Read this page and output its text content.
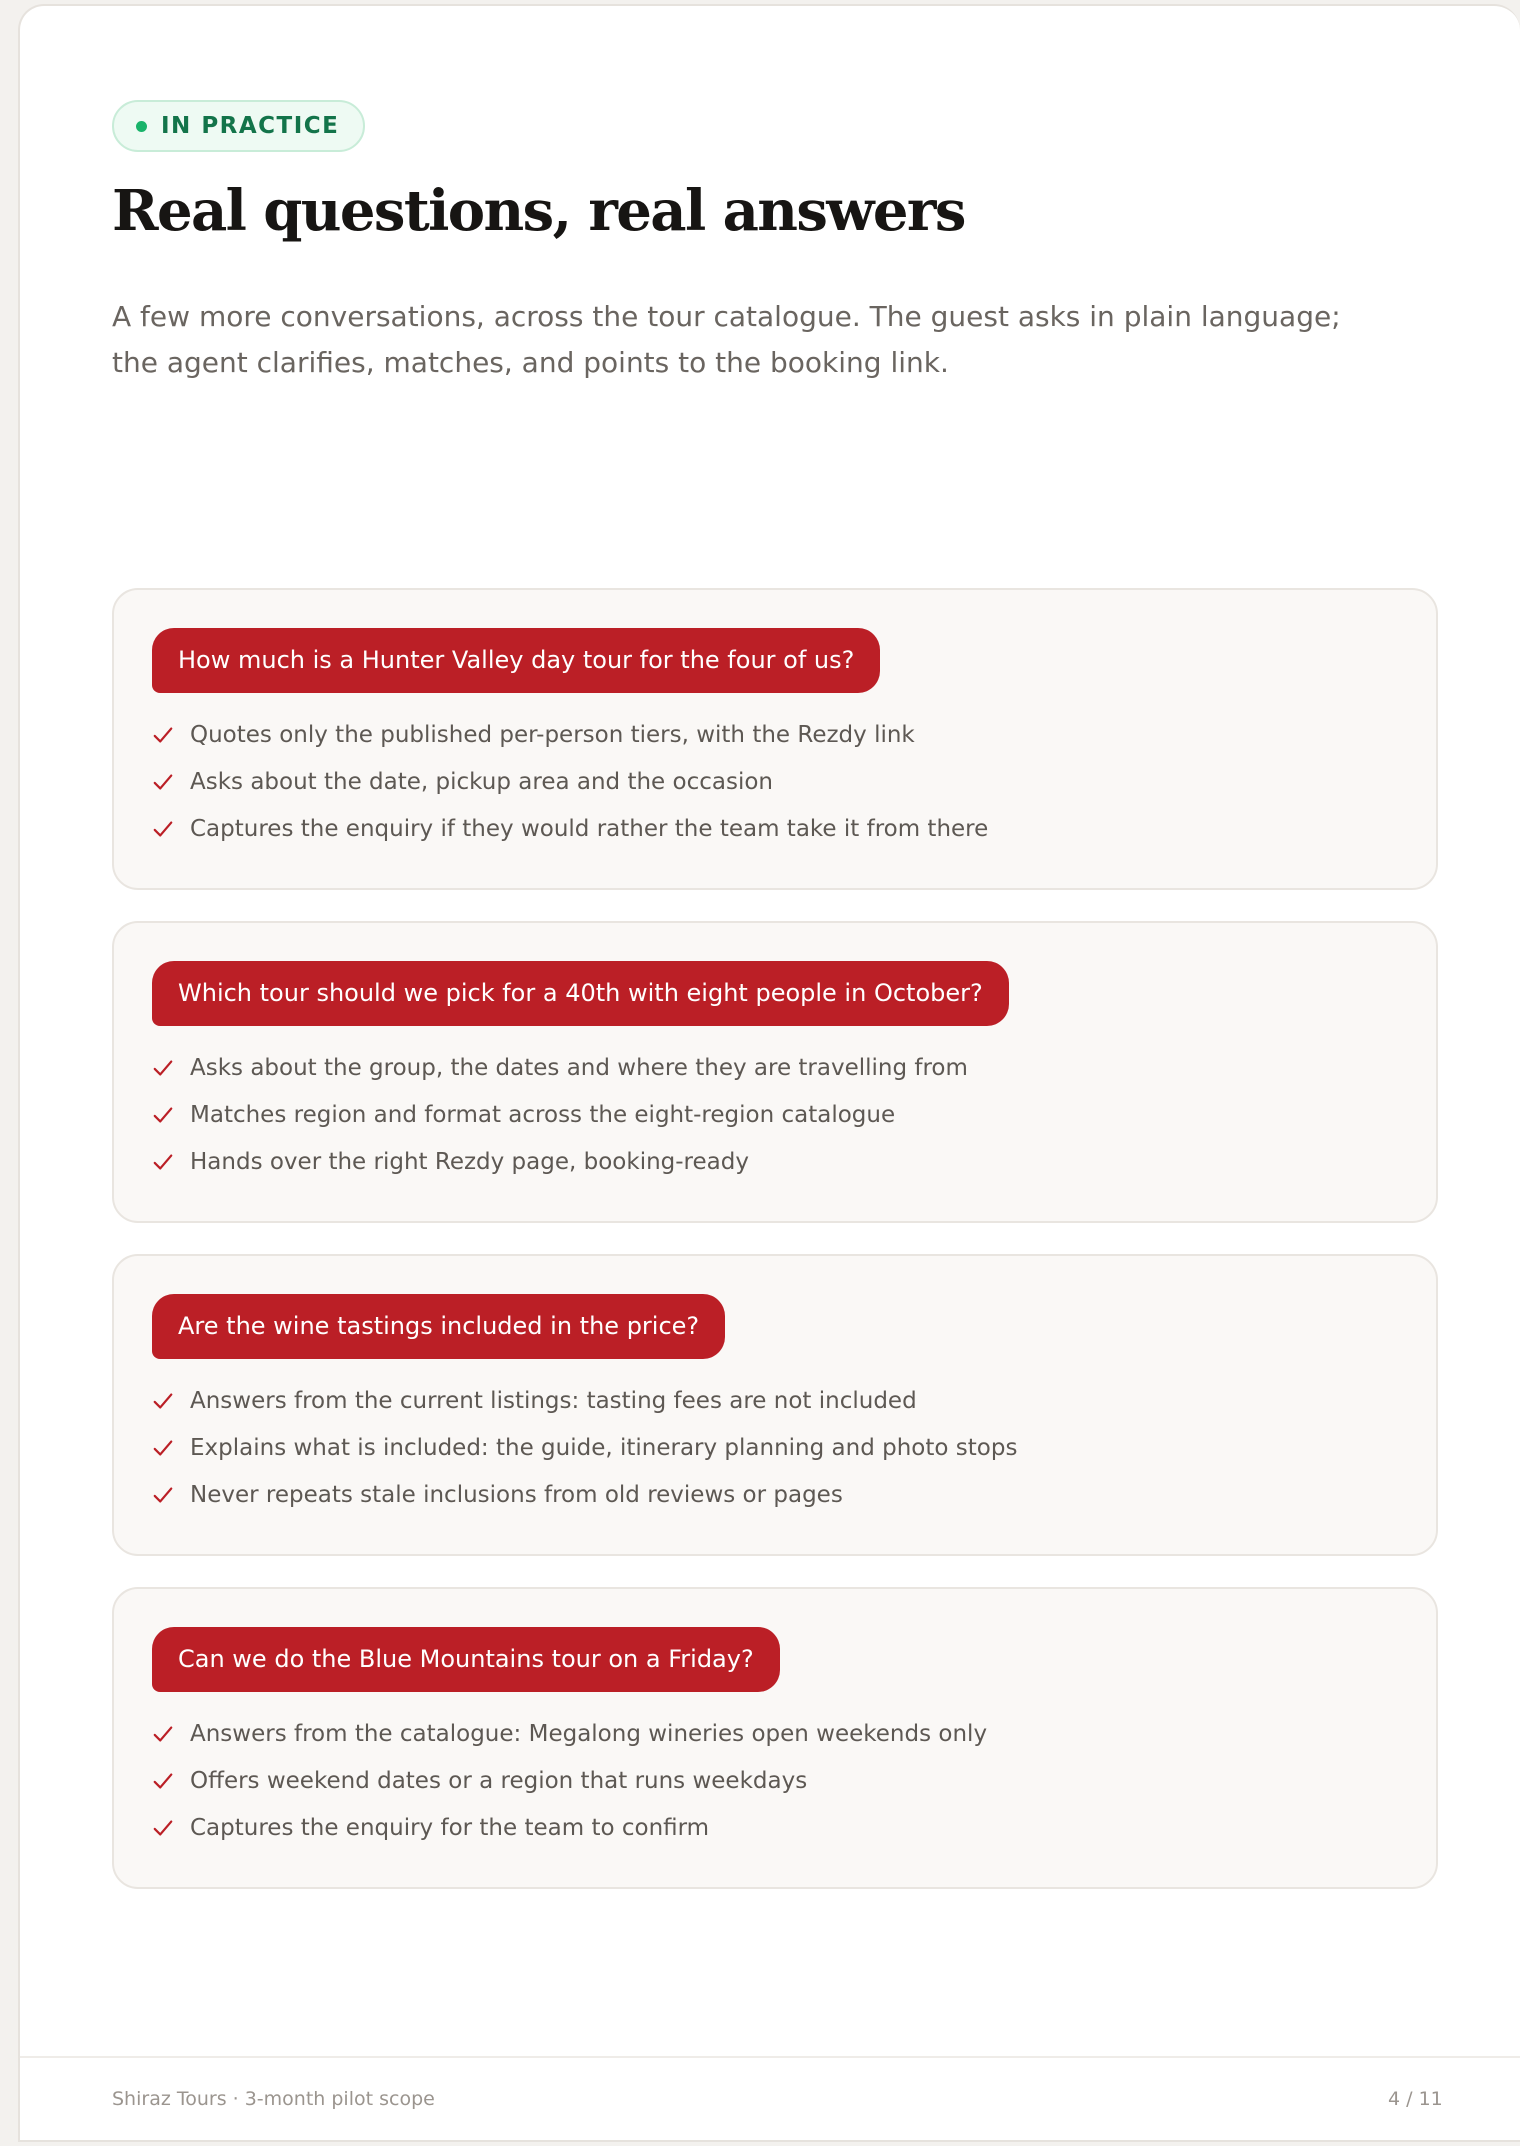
IN PRACTICE
Real questions, real answers

A few more conversations, across the tour catalogue. The guest asks in plain language; the agent clarifies, matches, and points to the booking link.

How much is a Hunter Valley day tour for the four of us?
Quotes only the published per-person tiers, with the Rezdy link
Asks about the date, pickup area and the occasion
Captures the enquiry if they would rather the team take it from there
Which tour should we pick for a 40th with eight people in October?
Asks about the group, the dates and where they are travelling from
Matches region and format across the eight-region catalogue
Hands over the right Rezdy page, booking-ready
Are the wine tastings included in the price?
Answers from the current listings: tasting fees are not included
Explains what is included: the guide, itinerary planning and photo stops
Never repeats stale inclusions from old reviews or pages
Can we do the Blue Mountains tour on a Friday?
Answers from the catalogue: Megalong wineries open weekends only
Offers weekend dates or a region that runs weekdays
Captures the enquiry for the team to confirm
Shiraz Tours · 3-month pilot scope	4 / 11
